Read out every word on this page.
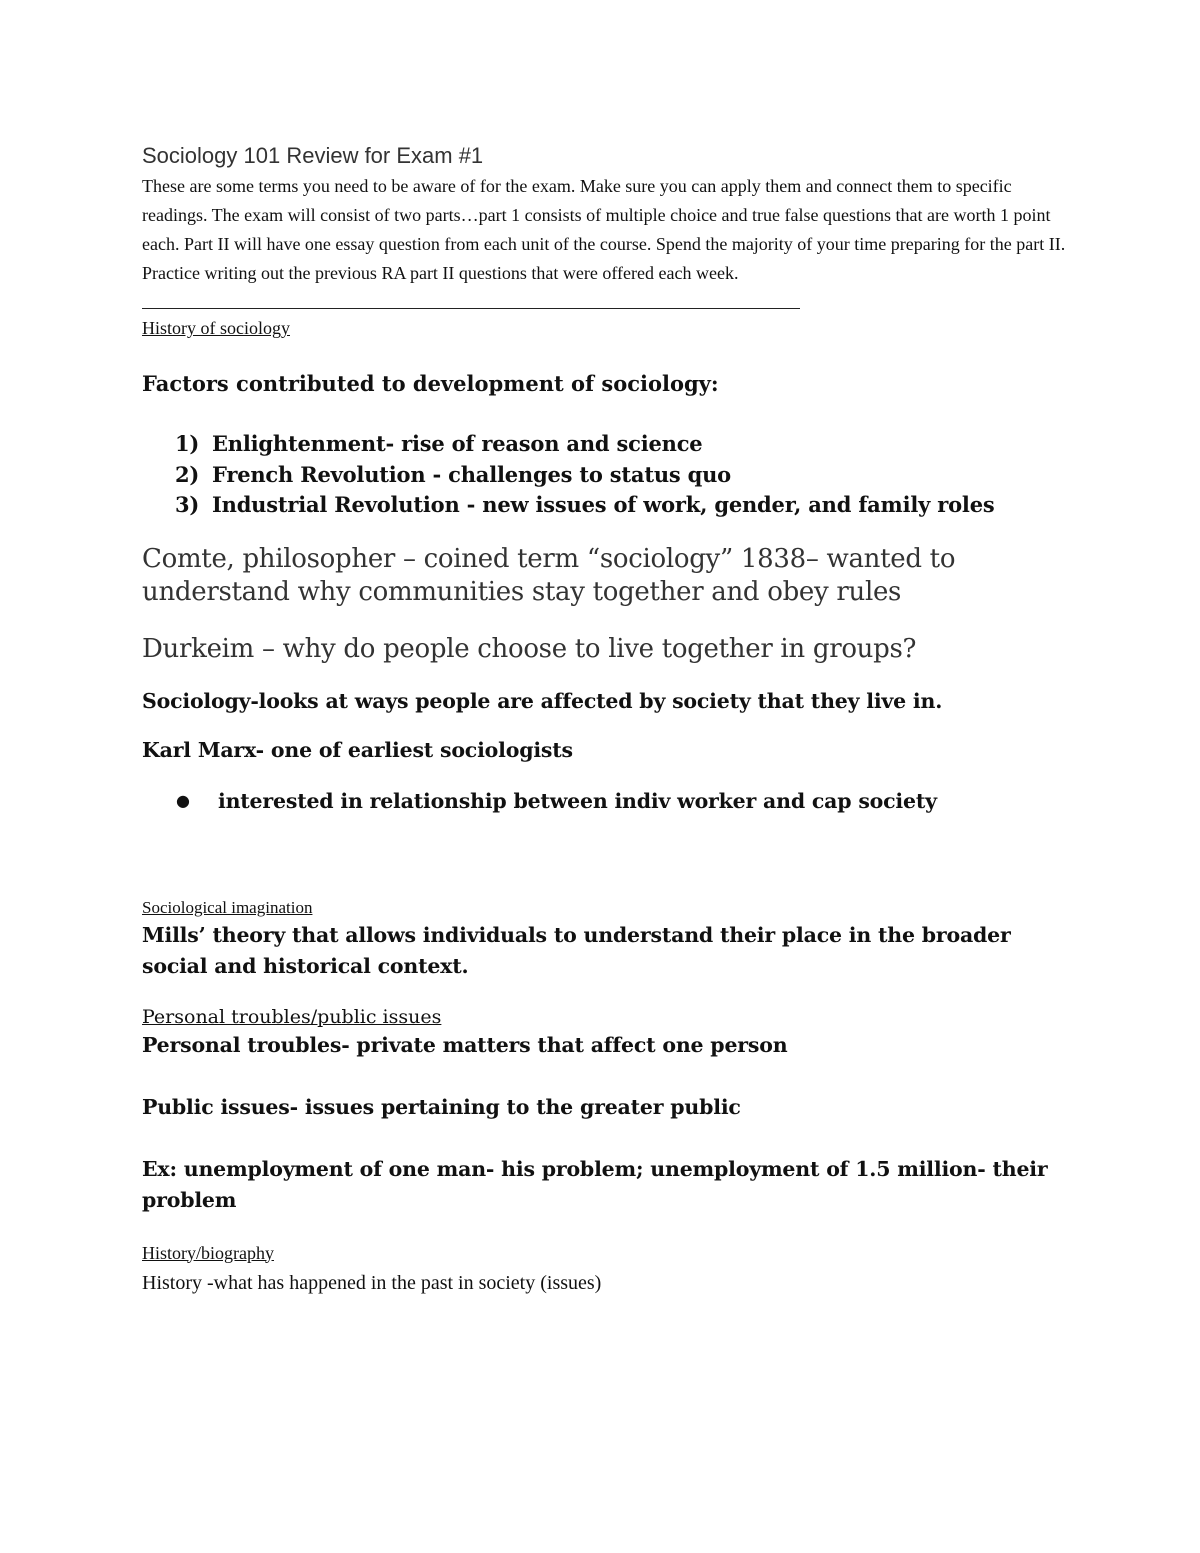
Sociology 101 Review for Exam #1

These are some terms you need to be aware of for the exam. Make sure you can apply them and connect them to specific readings. The exam will consist of two parts…part 1 consists of multiple choice and true false questions that are worth 1 point each. Part II will have one essay question from each unit of the course. Spend the majority of your time preparing for the part II. Practice writing out the previous RA part II questions that were offered each week.

History of sociology

Factors contributed to development of sociology:

1) Enlightenment- rise of reason and science
2) French Revolution - challenges to status quo
3) Industrial Revolution - new issues of work, gender, and family roles

Comte, philosopher – coined term “sociology” 1838– wanted to understand why communities stay together and obey rules

Durkeim – why do people choose to live together in groups?

Sociology-looks at ways people are affected by society that they live in.

Karl Marx- one of earliest sociologists

●	interested in relationship between indiv worker and cap society

Sociological imagination

Mills’ theory that allows individuals to understand their place in the broader social and historical context.

Personal troubles/public issues

Personal troubles- private matters that affect one person

Public issues- issues pertaining to the greater public

Ex: unemployment of one man- his problem; unemployment of 1.5 million- their problem

History/biography

History -what has happened in the past in society (issues)
